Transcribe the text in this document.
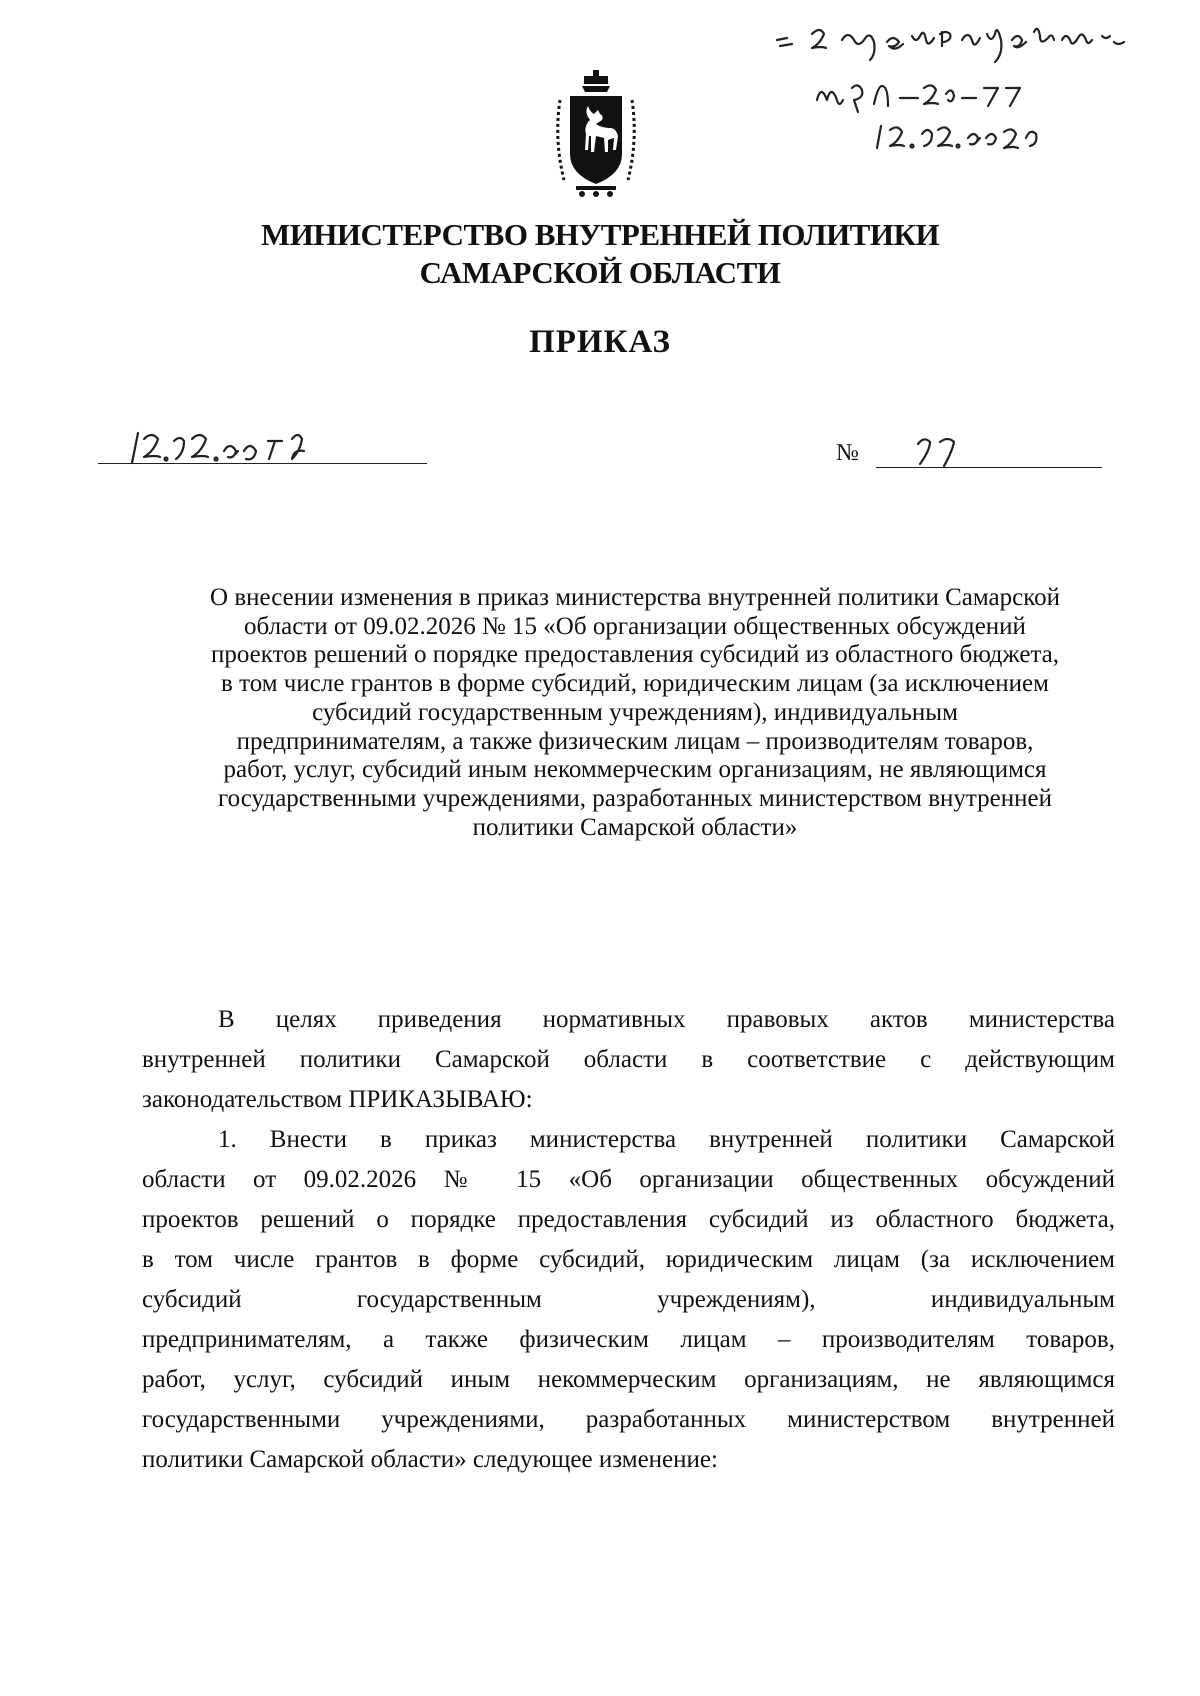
МИНИСТЕРСТВО ВНУТРЕННЕЙ ПОЛИТИКИ
САМАРСКОЙ ОБЛАСТИ
ПРИКАЗ
№
О внесении изменения в приказ министерства внутренней политики Самарской
области от 09.02.2026 № 15 «Об организации общественных обсуждений
проектов решений о порядке предоставления субсидий из областного бюджета,
в том числе грантов в форме субсидий, юридическим лицам (за исключением
субсидий государственным учреждениям), индивидуальным
предпринимателям, а также физическим лицам – производителям товаров,
работ, услуг, субсидий иным некоммерческим организациям, не являющимся
государственными учреждениями, разработанных министерством внутренней
политики Самарской области»
В целях приведения нормативных правовых актов министерства
внутренней политики Самарской области в соответствие с действующим
законодательством ПРИКАЗЫВАЮ:
1. Внести в приказ министерства внутренней политики Самарской
области от 09.02.2026 № 15 «Об организации общественных обсуждений
проектов решений о порядке предоставления субсидий из областного бюджета,
в том числе грантов в форме субсидий, юридическим лицам (за исключением
субсидий государственным учреждениям), индивидуальным
предпринимателям, а также физическим лицам – производителям товаров,
работ, услуг, субсидий иным некоммерческим организациям, не являющимся
государственными учреждениями, разработанных министерством внутренней
политики Самарской области» следующее изменение:
